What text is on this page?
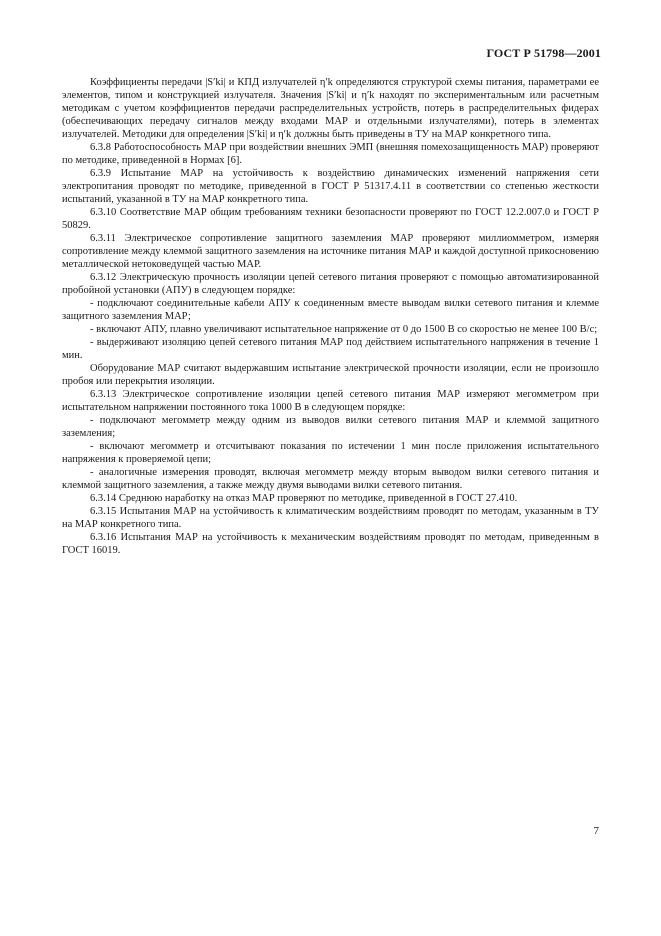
ГОСТ Р 51798—2001

Коэффициенты передачи |S′ki| и КПД излучателей η′k определяются структурой схемы питания, параметрами ее элементов, типом и конструкцией излучателя. Значения |S′ki| и η′k находят по экспериментальным или расчетным методикам с учетом коэффициентов передачи распределительных устройств, потерь в распределительных фидерах (обеспечивающих передачу сигналов между входами МАР и отдельными излучателями), потерь в элементах излучателей. Методики для определения |S′ki| и η′k должны быть приведены в ТУ на МАР конкретного типа.

6.3.8 Работоспособность МАР при воздействии внешних ЭМП (внешняя помехозащищенность МАР) проверяют по методике, приведенной в Нормах [6].

6.3.9 Испытание МАР на устойчивость к воздействию динамических изменений напряжения сети электропитания проводят по методике, приведенной в ГОСТ Р 51317.4.11 в соответствии со степенью жесткости испытаний, указанной в ТУ на МАР конкретного типа.

6.3.10 Соответствие МАР общим требованиям техники безопасности проверяют по ГОСТ 12.2.007.0 и ГОСТ Р 50829.

6.3.11 Электрическое сопротивление защитного заземления МАР проверяют миллиомметром, измеряя сопротивление между клеммой защитного заземления на источнике питания МАР и каждой доступной прикосновению металлической нетоковедущей частью МАР.

6.3.12 Электрическую прочность изоляции цепей сетевого питания проверяют с помощью автоматизированной пробойной установки (АПУ) в следующем порядке:

- подключают соединительные кабели АПУ к соединенным вместе выводам вилки сетевого питания и клемме защитного заземления МАР;

- включают АПУ, плавно увеличивают испытательное напряжение от 0 до 1500 В со скоростью не менее 100 В/с;

- выдерживают изоляцию цепей сетевого питания МАР под действием испытательного напряжения в течение 1 мин.

Оборудование МАР считают выдержавшим испытание электрической прочности изоляции, если не произошло пробоя или перекрытия изоляции.

6.3.13 Электрическое сопротивление изоляции цепей сетевого питания МАР измеряют мегомметром при испытательном напряжении постоянного тока 1000 В в следующем порядке:

- подключают мегомметр между одним из выводов вилки сетевого питания МАР и клеммой защитного заземления;

- включают мегомметр и отсчитывают показания по истечении 1 мин после приложения испытательного напряжения к проверяемой цепи;

- аналогичные измерения проводят, включая мегомметр между вторым выводом вилки сетевого питания и клеммой защитного заземления, а также между двумя выводами вилки сетевого питания.

6.3.14 Среднюю наработку на отказ МАР проверяют по методике, приведенной в ГОСТ 27.410.

6.3.15 Испытания МАР на устойчивость к климатическим воздействиям проводят по методам, указанным в ТУ на МАР конкретного типа.

6.3.16 Испытания МАР на устойчивость к механическим воздействиям проводят по методам, приведенным в ГОСТ 16019.

7
